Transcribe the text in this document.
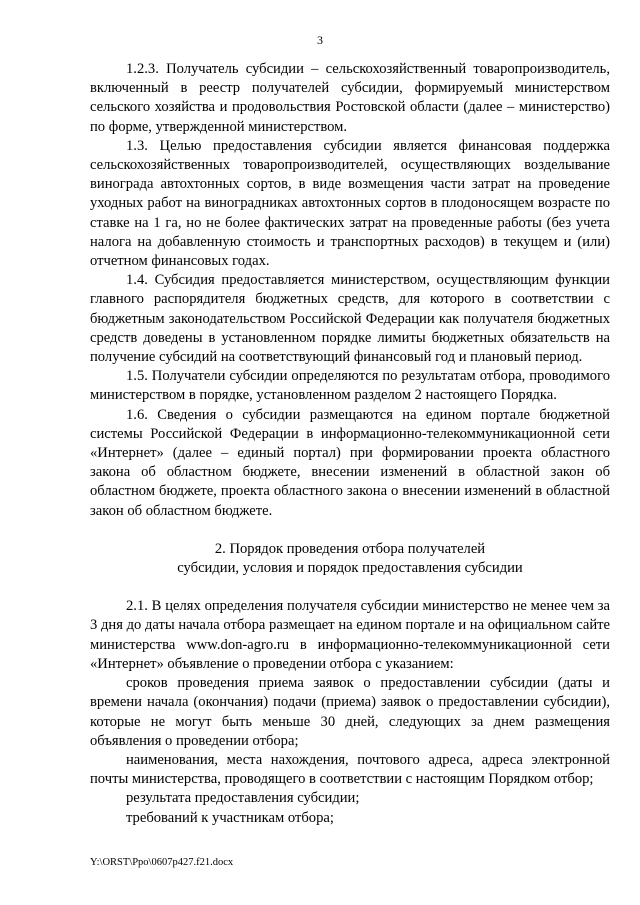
3

1.2.3. Получатель субсидии – сельскохозяйственный товаропроизводитель, включенный в реестр получателей субсидии, формируемый министерством сельского хозяйства и продовольствия Ростовской области (далее – министерство) по форме, утвержденной министерством.

1.3. Целью предоставления субсидии является финансовая поддержка сельскохозяйственных товаропроизводителей, осуществляющих возделывание винограда автохтонных сортов, в виде возмещения части затрат на проведение уходных работ на виноградниках автохтонных сортов в плодоносящем возрасте по ставке на 1 га, но не более фактических затрат на проведенные работы (без учета налога на добавленную стоимость и транспортных расходов) в текущем и (или) отчетном финансовых годах.

1.4. Субсидия предоставляется министерством, осуществляющим функции главного распорядителя бюджетных средств, для которого в соответствии с бюджетным законодательством Российской Федерации как получателя бюджетных средств доведены в установленном порядке лимиты бюджетных обязательств на получение субсидий на соответствующий финансовый год и плановый период.

1.5. Получатели субсидии определяются по результатам отбора, проводимого министерством в порядке, установленном разделом 2 настоящего Порядка.

1.6. Сведения о субсидии размещаются на едином портале бюджетной системы Российской Федерации в информационно-телекоммуникационной сети «Интернет» (далее – единый портал) при формировании проекта областного закона об областном бюджете, внесении изменений в областной закон об областном бюджете, проекта областного закона о внесении изменений в областной закон об областном бюджете.

2. Порядок проведения отбора получателей
субсидии, условия и порядок предоставления субсидии

2.1. В целях определения получателя субсидии министерство не менее чем за 3 дня до даты начала отбора размещает на едином портале и на официальном сайте министерства www.don-agro.ru в информационно-телекоммуникационной сети «Интернет» объявление о проведении отбора с указанием:

сроков проведения приема заявок о предоставлении субсидии (даты и времени начала (окончания) подачи (приема) заявок о предоставлении субсидии), которые не могут быть меньше 30 дней, следующих за днем размещения объявления о проведении отбора;

наименования, места нахождения, почтового адреса, адреса электронной почты министерства, проводящего в соответствии с настоящим Порядком отбор;

результата предоставления субсидии;

требований к участникам отбора;

Y:\ORST\Ppo\0607p427.f21.docx
